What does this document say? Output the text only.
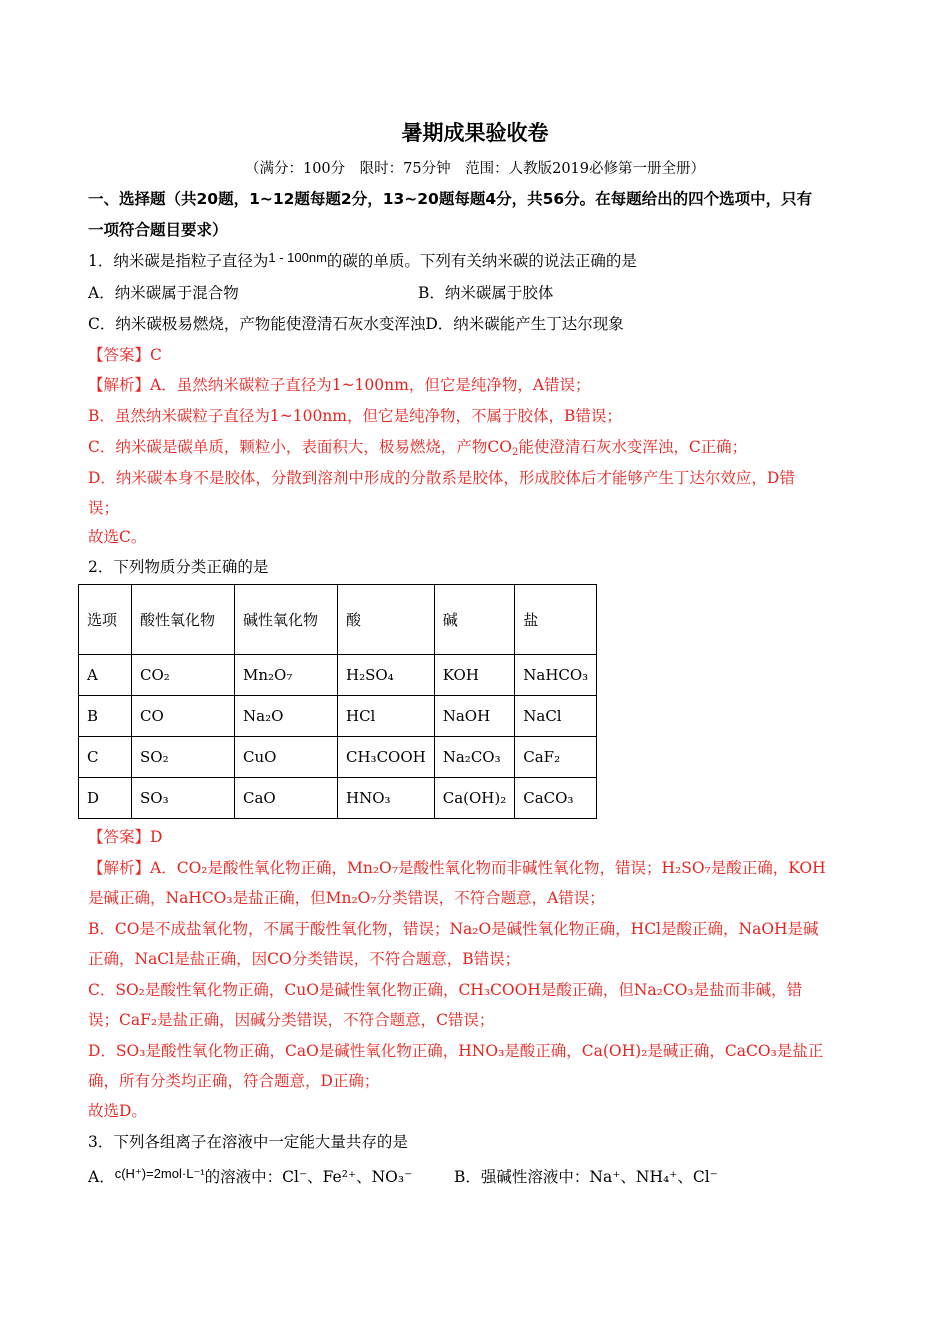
暑期成果验收卷
（满分：100分　限时：75分钟　范围：人教版2019必修第一册全册）
一、选择题（共20题，1~12题每题2分，13~20题每题4分，共56分。在每题给出的四个选项中，只有
一项符合题目要求）
1．纳米碳是指粒子直径为$^{1 - 100nm}$的碳的单质。下列有关纳米碳的说法正确的是
A．纳米碳属于混合物	B．纳米碳属于胶体
C．纳米碳极易燃烧，产物能使澄清石灰水变浑浊D．纳米碳能产生丁达尔现象
【答案】C
【解析】A．虽然纳米碳粒子直径为1~100nm，但它是纯净物，A错误；
B．虽然纳米碳粒子直径为1~100nm，但它是纯净物，不属于胶体，B错误；
C．纳米碳是碳单质，颗粒小，表面积大，极易燃烧，产物$CO_2$能使澄清石灰水变浑浊，C正确；
D．纳米碳本身不是胶体，分散到溶剂中形成的分散系是胶体，形成胶体后才能够产生丁达尔效应，D错
误；
故选C。
2．下列物质分类正确的是
选项	酸性氧化物	碱性氧化物	酸	碱	盐
A	CO₂	Mn₂O₇	H₂SO₄	KOH	NaHCO₃
B	CO	Na₂O	HCl	NaOH	NaCl
C	SO₂	CuO	CH₃COOH	Na₂CO₃	CaF₂
D	SO₃	CaO	HNO₃	Ca(OH)₂	CaCO₃
【答案】D
【解析】A．CO₂是酸性氧化物正确，Mn₂O₇是酸性氧化物而非碱性氧化物，错误；H₂SO₇是酸正确，KOH
是碱正确，NaHCO₃是盐正确，但Mn₂O₇分类错误，不符合题意，A错误；
B．CO是不成盐氧化物，不属于酸性氧化物，错误；Na₂O是碱性氧化物正确，HCl是酸正确，NaOH是碱
正确，NaCl是盐正确，因CO分类错误，不符合题意，B错误；
C．SO₂是酸性氧化物正确，CuO是碱性氧化物正确，CH₃COOH是酸正确，但Na₂CO₃是盐而非碱，错
误；CaF₂是盐正确，因碱分类错误，不符合题意，C错误；
D．SO₃是酸性氧化物正确，CaO是碱性氧化物正确，HNO₃是酸正确，Ca(OH)₂是碱正确，CaCO₃是盐正
确，所有分类均正确，符合题意，D正确；
故选D。
3．下列各组离子在溶液中一定能大量共存的是
A．$^{c(H^+)=2mol\cdot L^{-1}}$的溶液中：Cl⁻、Fe²⁺、NO₃⁻	B．强碱性溶液中：Na⁺、NH₄⁺、Cl⁻
